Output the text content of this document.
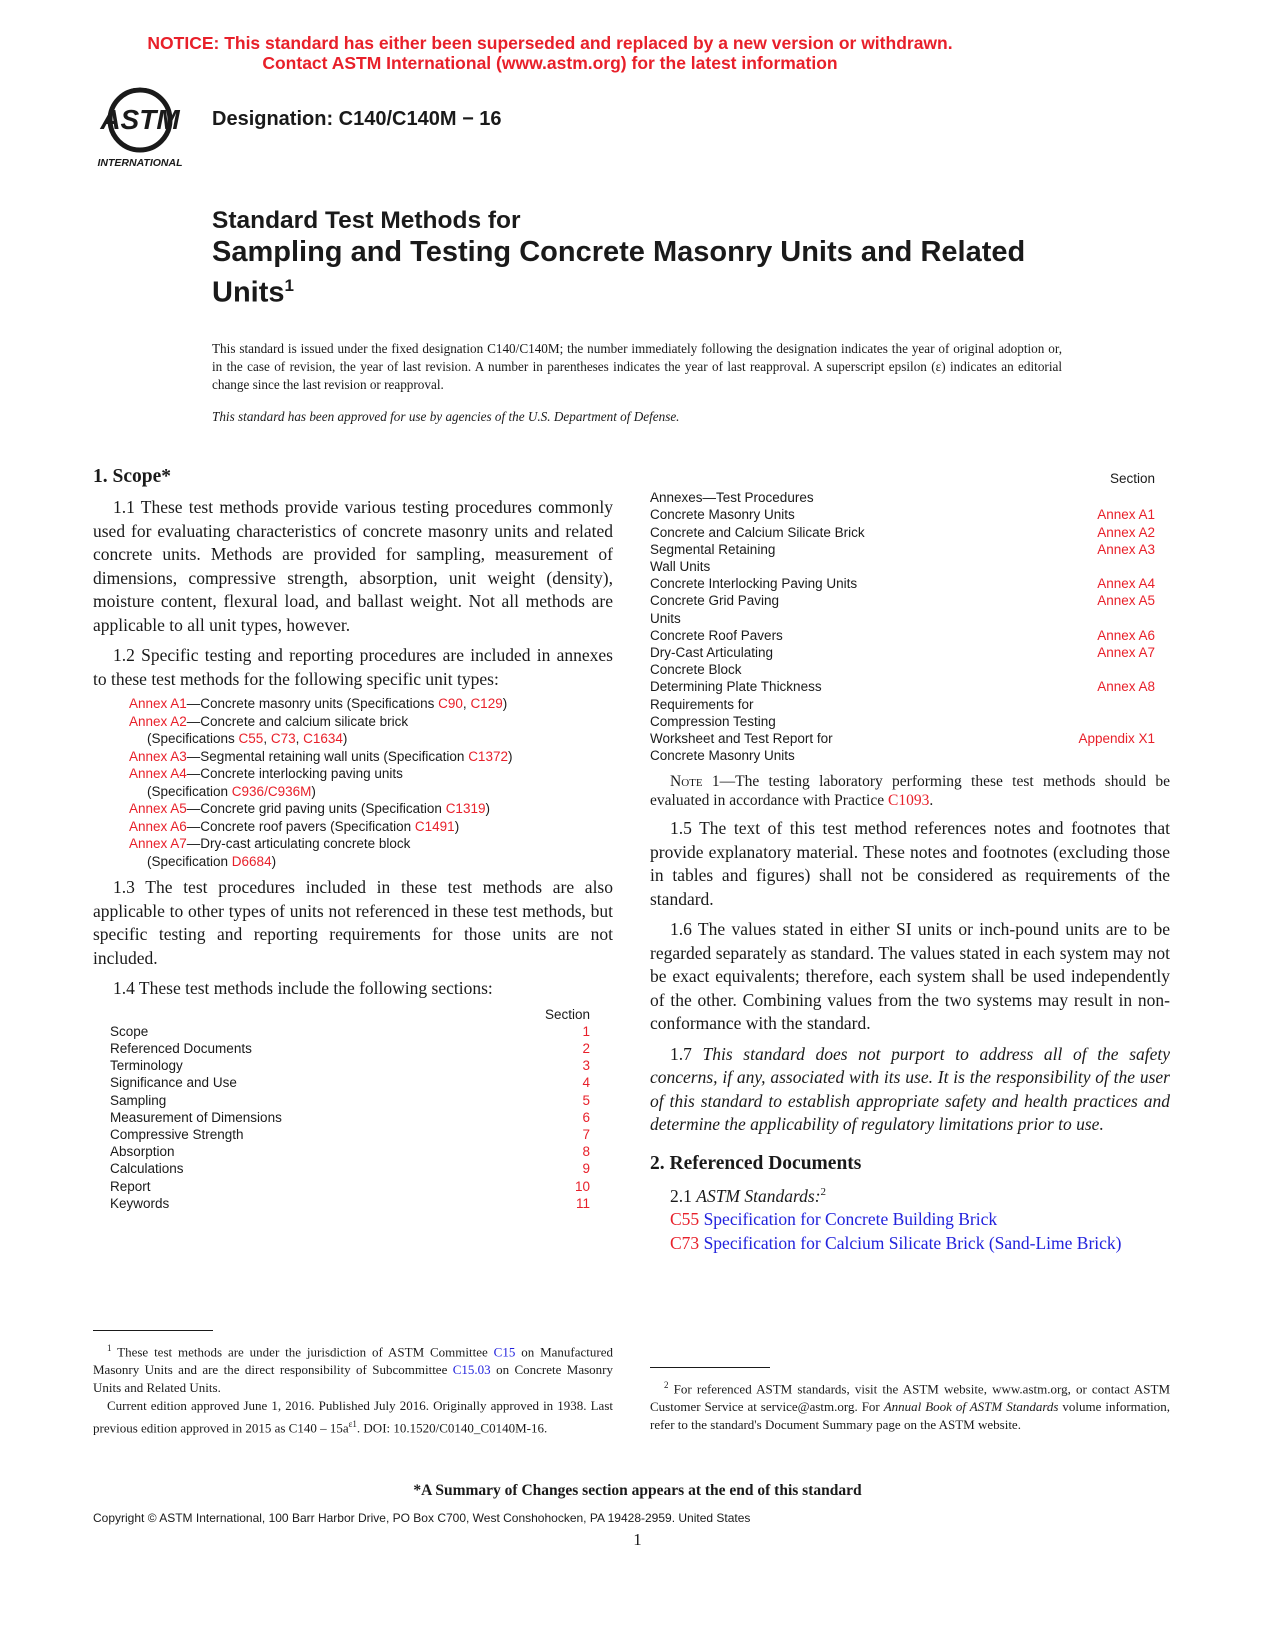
NOTICE: This standard has either been superseded and replaced by a new version or withdrawn.
Contact ASTM International (www.astm.org) for the latest information
ASTM
INTERNATIONAL
Designation: C140/C140M − 16
Standard Test Methods for
Sampling and Testing Concrete Masonry Units and Related Units$^1$
This standard is issued under the fixed designation C140/C140M; the number immediately following the designation indicates the year of original adoption or, in the case of revision, the year of last revision. A number in parentheses indicates the year of last reapproval. A superscript epsilon (ε) indicates an editorial change since the last revision or reapproval.
This standard has been approved for use by agencies of the U.S. Department of Defense.
1. Scope*

1.1 These test methods provide various testing procedures commonly used for evaluating characteristics of concrete masonry units and related concrete units. Methods are provided for sampling, measurement of dimensions, compressive strength, absorption, unit weight (density), moisture content, flexural load, and ballast weight. Not all methods are applicable to all unit types, however.

1.2 Specific testing and reporting procedures are included in annexes to these test methods for the following specific unit types:

Annex A1—Concrete masonry units (Specifications C90, C129)
Annex A2—Concrete and calcium silicate brick
(Specifications C55, C73, C1634)
Annex A3—Segmental retaining wall units (Specification C1372)
Annex A4—Concrete interlocking paving units
(Specification C936/C936M)
Annex A5—Concrete grid paving units (Specification C1319)
Annex A6—Concrete roof pavers (Specification C1491)
Annex A7—Dry-cast articulating concrete block
(Specification D6684)

1.3 The test procedures included in these test methods are also applicable to other types of units not referenced in these test methods, but specific testing and reporting requirements for those units are not included.

1.4 These test methods include the following sections:

	Section
Scope	1
Referenced Documents	2
Terminology	3
Significance and Use	4
Sampling	5
Measurement of Dimensions	6
Compressive Strength	7
Absorption	8
Calculations	9
Report	10
Keywords	11

$^1$ These test methods are under the jurisdiction of ASTM Committee C15 on Manufactured Masonry Units and are the direct responsibility of Subcommittee C15.03 on Concrete Masonry Units and Related Units.

Current edition approved June 1, 2016. Published July 2016. Originally approved in 1938. Last previous edition approved in 2015 as $C140 - 15a^{\varepsilon 1}$. DOI: 10.1520/C0140_C0140M-16.

	Section
Annexes—Test Procedures	
Concrete Masonry Units	Annex A1
Concrete and Calcium Silicate Brick	Annex A2
Segmental Retaining	Annex A3
Wall Units	
Concrete Interlocking Paving Units	Annex A4
Concrete Grid Paving	Annex A5
Units	
Concrete Roof Pavers	Annex A6
Dry-Cast Articulating	Annex A7
Concrete Block	
Determining Plate Thickness	Annex A8
Requirements for	
Compression Testing	
Worksheet and Test Report for	Appendix X1
Concrete Masonry Units	

Note 1—The testing laboratory performing these test methods should be evaluated in accordance with Practice C1093.

1.5 The text of this test method references notes and footnotes that provide explanatory material. These notes and footnotes (excluding those in tables and figures) shall not be considered as requirements of the standard.

1.6 The values stated in either SI units or inch-pound units are to be regarded separately as standard. The values stated in each system may not be exact equivalents; therefore, each system shall be used independently of the other. Combining values from the two systems may result in non-conformance with the standard.

1.7 This standard does not purport to address all of the safety concerns, if any, associated with its use. It is the responsibility of the user of this standard to establish appropriate safety and health practices and determine the applicability of regulatory limitations prior to use.

2. Referenced Documents

2.1 ASTM Standards:$^2$

C55 Specification for Concrete Building Brick
C73 Specification for Calcium Silicate Brick (Sand-Lime Brick)

$^2$ For referenced ASTM standards, visit the ASTM website, www.astm.org, or contact ASTM Customer Service at service@astm.org. For Annual Book of ASTM Standards volume information, refer to the standard's Document Summary page on the ASTM website.

*A Summary of Changes section appears at the end of this standard
Copyright © ASTM International, 100 Barr Harbor Drive, PO Box C700, West Conshohocken, PA 19428-2959. United States
1
